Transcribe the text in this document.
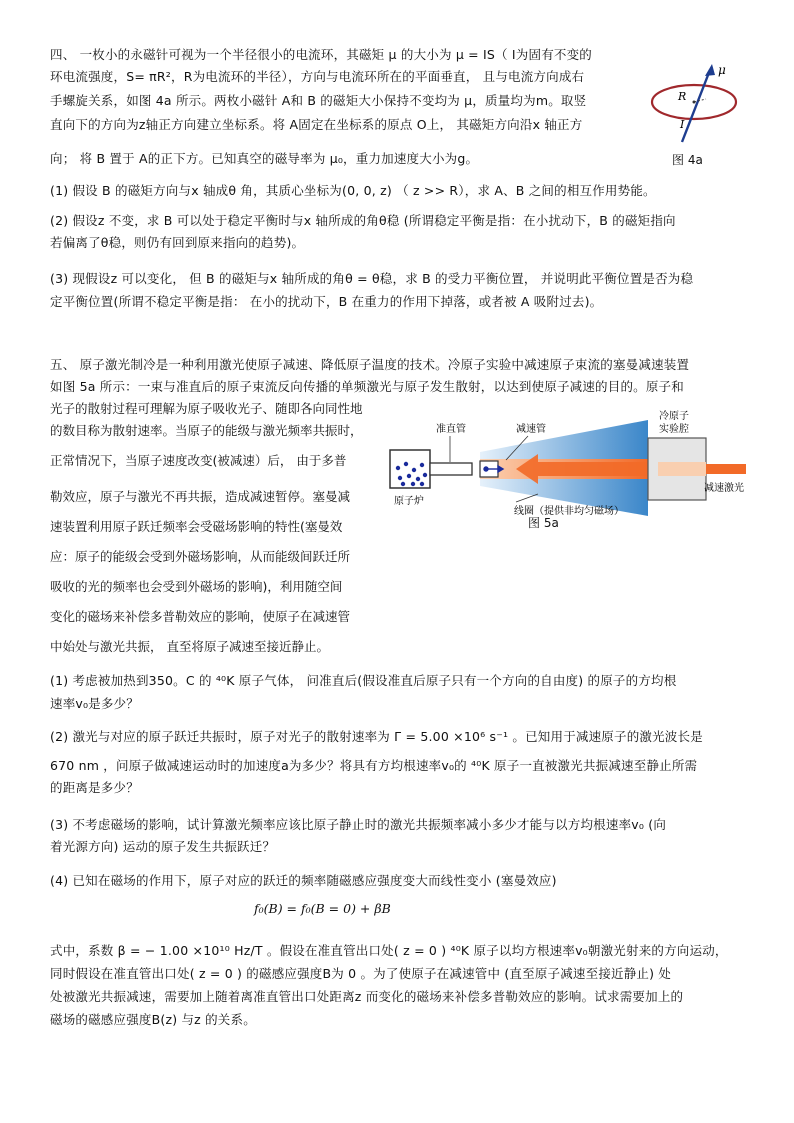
四、 一枚小的永磁针可视为一个半径很小的电流环，其磁矩 μ 的大小为 μ = IS（ I为固有不变的
环电流强度，S= πR²，R为电流环的半径），方向与电流环所在的平面垂直， 且与电流方向成右
手螺旋关系，如图 4a 所示。两枚小磁针 A和 B 的磁矩大小保持不变均为 μ，质量均为m。取竖
直向下的方向为z轴正方向建立坐标系。将 A固定在坐标系的原点 O上， 其磁矩方向沿x 轴正方
向； 将 B 置于 A的正下方。已知真空的磁导率为 μ₀，重力加速度大小为g。
μ
R
I
图 4a
(1) 假设 B 的磁矩方向与x 轴成θ 角，其质心坐标为(0, 0, z) （ z >> R），求 A、B 之间的相互作用势能。
(2) 假设z 不变，求 B 可以处于稳定平衡时与x 轴所成的角θ稳 (所谓稳定平衡是指：在小扰动下，B 的磁矩指向
若偏离了θ稳，则仍有回到原来指向的趋势)。
(3) 现假设z 可以变化， 但 B 的磁矩与x 轴所成的角θ = θ稳，求 B 的受力平衡位置， 并说明此平衡位置是否为稳
定平衡位置(所谓不稳定平衡是指： 在小的扰动下，B 在重力的作用下掉落，或者被 A 吸附过去)。
五、 原子激光制冷是一种利用激光使原子减速、降低原子温度的技术。冷原子实验中减速原子束流的塞曼减速装置
如图 5a 所示：一束与准直后的原子束流反向传播的单频激光与原子发生散射，以达到使原子减速的目的。原子和
光子的散射过程可理解为原子吸收光子、随即各向同性地
的数目称为散射速率。当原子的能级与激光频率共振时，
正常情况下，当原子速度改变(被减速）后， 由于多普
勒效应，原子与激光不再共振，造成减速暂停。塞曼减
速装置利用原子跃迁频率会受磁场影响的特性(塞曼效
应：原子的能级会受到外磁场影响，从而能级间跃迁所
吸收的光的频率也会受到外磁场的影响)，利用随空间
变化的磁场来补偿多普勒效应的影响，使原子在减速管
中始处与激光共振， 直至将原子减速至接近静止。
原子炉
准直管	减速管
冷原子
实验腔
减速激光
线圈（提供非均匀磁场）
图 5a
(1) 考虑被加热到350。C 的 ⁴⁰K 原子气体， 问准直后(假设准直后原子只有一个方向的自由度) 的原子的方均根
速率v₀是多少？
(2) 激光与对应的原子跃迁共振时，原子对光子的散射速率为 Γ = 5.00 ×10⁶ s⁻¹ 。已知用于减速原子的激光波长是
670 nm ，问原子做减速运动时的加速度a为多少？将具有方均根速率v₀的 ⁴⁰K 原子一直被激光共振减速至静止所需
的距离是多少？
(3) 不考虑磁场的影响，试计算激光频率应该比原子静止时的激光共振频率减小多少才能与以方均根速率v₀ (向
着光源方向) 运动的原子发生共振跃迁？
(4) 已知在磁场的作用下，原子对应的跃迁的频率随磁感应强度变大而线性变小 (塞曼效应)
f₀(B) = f₀(B = 0) + βB
式中，系数 β = − 1.00 ×10¹⁰ Hz/T 。假设在准直管出口处( z = 0 ) ⁴⁰K 原子以均方根速率v₀朝激光射来的方向运动，
同时假设在准直管出口处( z = 0 ) 的磁感应强度B为 0 。为了使原子在减速管中 (直至原子减速至接近静止) 处
处被激光共振减速，需要加上随着离准直管出口处距离z 而变化的磁场来补偿多普勒效应的影响。试求需要加上的
磁场的磁感应强度B(z) 与z 的关系。
